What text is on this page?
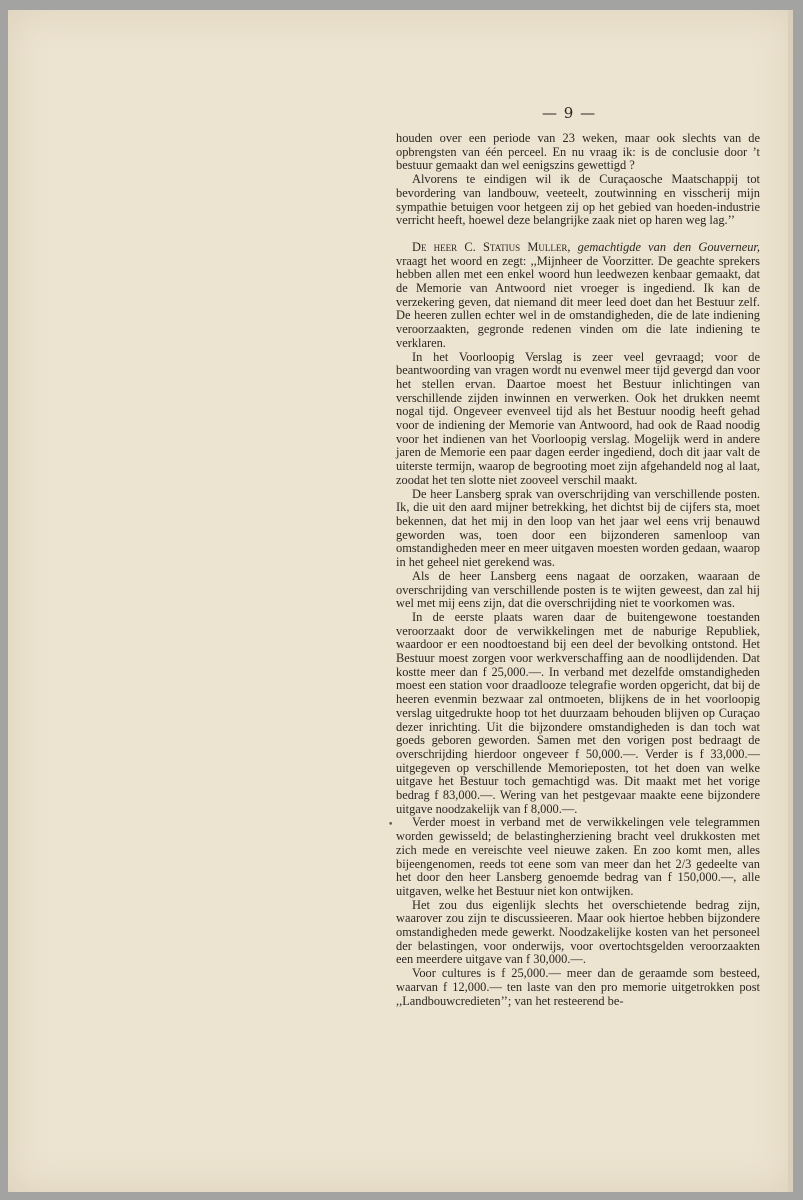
— 9 —

houden over een periode van 23 weken, maar ook slechts van de opbrengsten van één perceel. En nu vraag ik: is de conclusie door ’t bestuur gemaakt dan wel eenigszins gewettigd ?

Alvorens te eindigen wil ik de Curaçaosche Maatschappij tot bevordering van landbouw, veeteelt, zoutwinning en visscherij mijn sympathie betuigen voor hetgeen zij op het gebied van hoeden-industrie verricht heeft, hoewel deze belangrijke zaak niet op haren weg lag.’’

De heer C. Statius Muller, gemachtigde van den Gouverneur, vraagt het woord en zegt: ,,Mijnheer de Voorzitter. De geachte sprekers hebben allen met een enkel woord hun leedwezen kenbaar gemaakt, dat de Memorie van Antwoord niet vroeger is ingediend. Ik kan de verzekering geven, dat niemand dit meer leed doet dan het Bestuur zelf. De heeren zullen echter wel in de omstandigheden, die de late indiening veroorzaakten, gegronde redenen vinden om die late indiening te verklaren.

In het Voorloopig Verslag is zeer veel gevraagd; voor de beantwoording van vragen wordt nu evenwel meer tijd gevergd dan voor het stellen ervan. Daartoe moest het Bestuur inlichtingen van verschillende zijden inwinnen en verwerken. Ook het drukken neemt nogal tijd. Ongeveer evenveel tijd als het Bestuur noodig heeft gehad voor de indiening der Memorie van Antwoord, had ook de Raad noodig voor het indienen van het Voorloopig verslag. Mogelijk werd in andere jaren de Memorie een paar dagen eerder ingediend, doch dit jaar valt de uiterste termijn, waarop de begrooting moet zijn afgehandeld nog al laat, zoodat het ten slotte niet zooveel verschil maakt.

De heer Lansberg sprak van overschrijding van verschillende posten. Ik, die uit den aard mijner betrekking, het dichtst bij de cijfers sta, moet bekennen, dat het mij in den loop van het jaar wel eens vrij benauwd geworden was, toen door een bijzonderen samenloop van omstandigheden meer en meer uitgaven moesten worden gedaan, waarop in het geheel niet gerekend was.

Als de heer Lansberg eens nagaat de oorzaken, waaraan de overschrijding van verschillende posten is te wijten geweest, dan zal hij wel met mij eens zijn, dat die overschrijding niet te voorkomen was.

In de eerste plaats waren daar de buitengewone toestanden veroorzaakt door de verwikkelingen met de naburige Republiek, waardoor er een noodtoestand bij een deel der bevolking ontstond. Het Bestuur moest zorgen voor werkverschaffing aan de noodlijdenden. Dat kostte meer dan f 25,000.—. In verband met dezelfde omstandigheden moest een station voor draadlooze telegrafie worden opgericht, dat bij de heeren evenmin bezwaar zal ontmoeten, blijkens de in het voorloopig verslag uitgedrukte hoop tot het duurzaam behouden blijven op Curaçao dezer inrichting. Uit die bijzondere omstandigheden is dan toch wat goeds geboren geworden. Samen met den vorigen post bedraagt de overschrijding hierdoor ongeveer f 50,000.—. Verder is f 33,000.— uitgegeven op verschillende Memorieposten, tot het doen van welke uitgave het Bestuur toch gemachtigd was. Dit maakt met het vorige bedrag f 83,000.—. Wering van het pestgevaar maakte eene bijzondere uitgave noodzakelijk van f 8,000.—.

Verder moest in verband met de verwikkelingen vele telegrammen worden gewisseld; de belastingherziening bracht veel drukkosten met zich mede en vereischte veel nieuwe zaken. En zoo komt men, alles bijeengenomen, reeds tot eene som van meer dan het 2/3 gedeelte van het door den heer Lansberg genoemde bedrag van f 150,000.—, alle uitgaven, welke het Bestuur niet kon ontwijken.

Het zou dus eigenlijk slechts het overschietende bedrag zijn, waarover zou zijn te discussieeren. Maar ook hiertoe hebben bijzondere omstandigheden mede gewerkt. Noodzakelijke kosten van het personeel der belastingen, voor onderwijs, voor overtochtsgelden veroorzaakten een meerdere uitgave van f 30,000.—.

Voor cultures is f 25,000.— meer dan de geraamde som besteed, waarvan f 12,000.— ten laste van den pro memorie uitgetrokken post ,,Landbouwcredieten’’; van het resteerend be-

•
